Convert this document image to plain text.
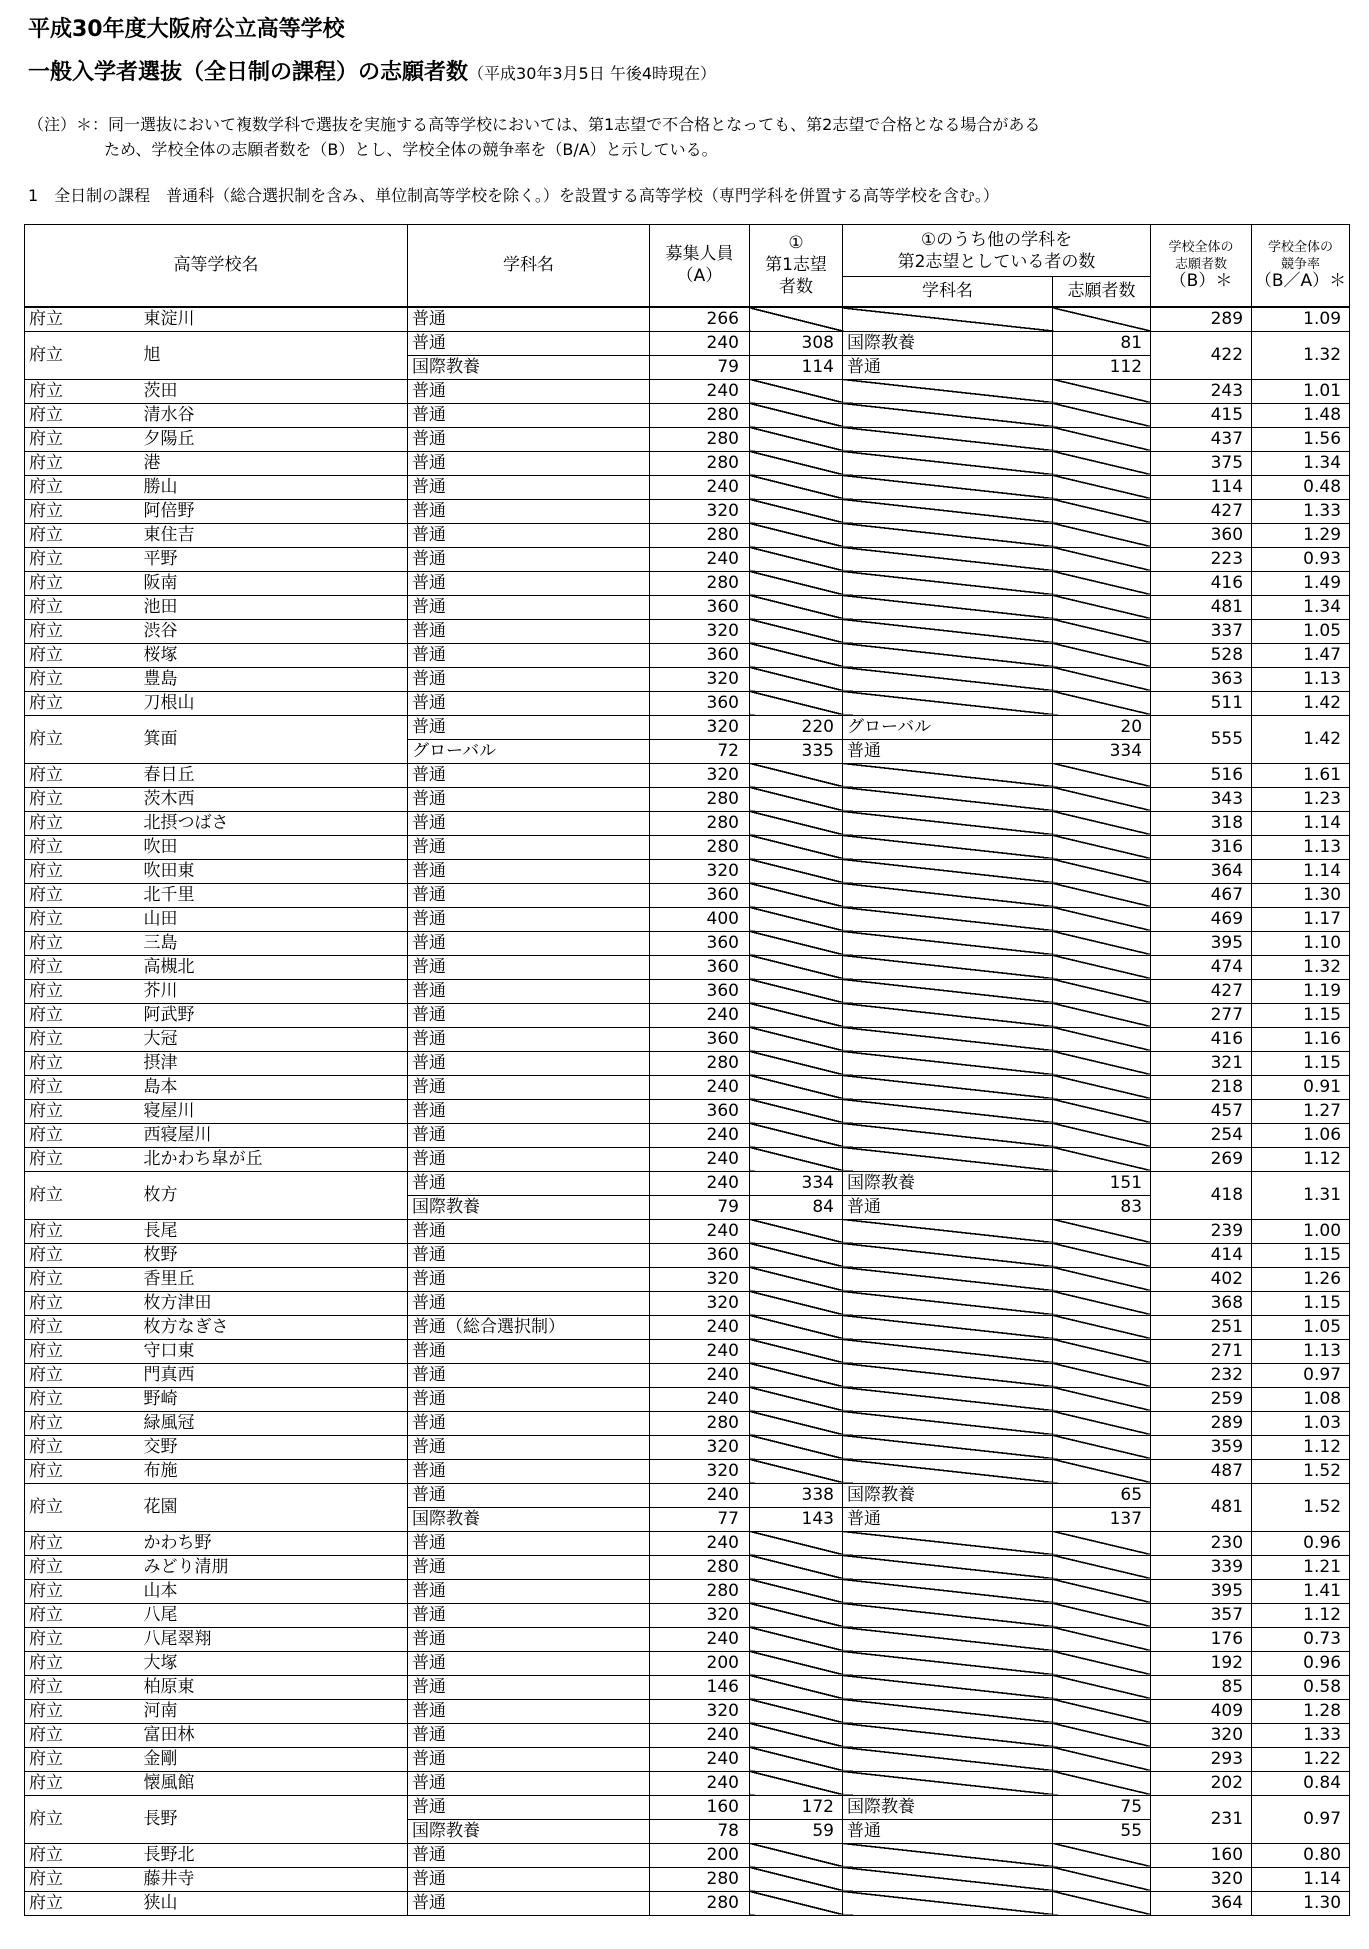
平成30年度大阪府公立高等学校
一般入学者選抜（全日制の課程）の志願者数（平成30年3月5日 午後4時現在）
（注）＊：同一選抜において複数学科で選抜を実施する高等学校においては、第1志望で不合格となっても、第2志望で合格となる場合がある
ため、学校全体の志願者数を（B）とし、学校全体の競争率を（B/A）と示している。
1　全日制の課程　普通科（総合選択制を含み、単位制高等学校を除く。）を設置する高等学校（専門学科を併置する高等学校を含む。）
高等学校名		学科名	募集人員
（A）	①
第1志望
者数	①のうち他の学科を
第2志望としている者の数		学校全体の
志願者数
（B）＊	学校全体の
競争率
（B／A）＊
					学科名	志願者数		
府立	東淀川	普通	266				289	1.09
府立	旭	普通	240	308	国際教養	81	422	1.32
		国際教養	79	114	普通	112		
府立	茨田	普通	240				243	1.01
府立	清水谷	普通	280				415	1.48
府立	夕陽丘	普通	280				437	1.56
府立	港	普通	280				375	1.34
府立	勝山	普通	240				114	0.48
府立	阿倍野	普通	320				427	1.33
府立	東住吉	普通	280				360	1.29
府立	平野	普通	240				223	0.93
府立	阪南	普通	280				416	1.49
府立	池田	普通	360				481	1.34
府立	渋谷	普通	320				337	1.05
府立	桜塚	普通	360				528	1.47
府立	豊島	普通	320				363	1.13
府立	刀根山	普通	360				511	1.42
府立	箕面	普通	320	220	グローバル	20	555	1.42
		グローバル	72	335	普通	334		
府立	春日丘	普通	320				516	1.61
府立	茨木西	普通	280				343	1.23
府立	北摂つばさ	普通	280				318	1.14
府立	吹田	普通	280				316	1.13
府立	吹田東	普通	320				364	1.14
府立	北千里	普通	360				467	1.30
府立	山田	普通	400				469	1.17
府立	三島	普通	360				395	1.10
府立	高槻北	普通	360				474	1.32
府立	芥川	普通	360				427	1.19
府立	阿武野	普通	240				277	1.15
府立	大冠	普通	360				416	1.16
府立	摂津	普通	280				321	1.15
府立	島本	普通	240				218	0.91
府立	寝屋川	普通	360				457	1.27
府立	西寝屋川	普通	240				254	1.06
府立	北かわち皐が丘	普通	240				269	1.12
府立	枚方	普通	240	334	国際教養	151	418	1.31
		国際教養	79	84	普通	83		
府立	長尾	普通	240				239	1.00
府立	枚野	普通	360				414	1.15
府立	香里丘	普通	320				402	1.26
府立	枚方津田	普通	320				368	1.15
府立	枚方なぎさ	普通（総合選択制）	240				251	1.05
府立	守口東	普通	240				271	1.13
府立	門真西	普通	240				232	0.97
府立	野崎	普通	240				259	1.08
府立	緑風冠	普通	280				289	1.03
府立	交野	普通	320				359	1.12
府立	布施	普通	320				487	1.52
府立	花園	普通	240	338	国際教養	65	481	1.52
		国際教養	77	143	普通	137		
府立	かわち野	普通	240				230	0.96
府立	みどり清朋	普通	280				339	1.21
府立	山本	普通	280				395	1.41
府立	八尾	普通	320				357	1.12
府立	八尾翠翔	普通	240				176	0.73
府立	大塚	普通	200				192	0.96
府立	柏原東	普通	146				85	0.58
府立	河南	普通	320				409	1.28
府立	富田林	普通	240				320	1.33
府立	金剛	普通	240				293	1.22
府立	懐風館	普通	240				202	0.84
府立	長野	普通	160	172	国際教養	75	231	0.97
		国際教養	78	59	普通	55		
府立	長野北	普通	200				160	0.80
府立	藤井寺	普通	280				320	1.14
府立	狭山	普通	280				364	1.30
